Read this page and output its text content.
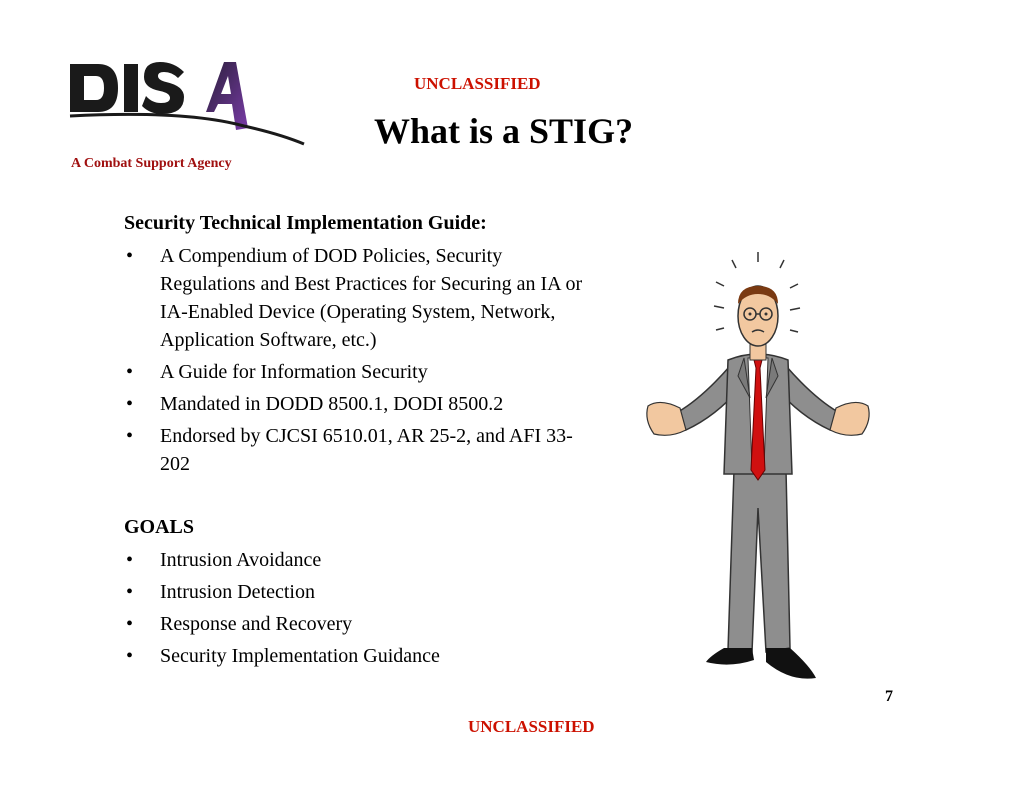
A Combat Support Agency
UNCLASSIFIED
What is a STIG?
Security Technical Implementation Guide:
• A Compendium of DOD Policies, Security Regulations and Best Practices for Securing an IA or IA-Enabled Device (Operating System, Network, Application Software, etc.)
• A Guide for Information Security
• Mandated in DODD 8500.1, DODI 8500.2
• Endorsed by CJCSI 6510.01, AR 25-2, and AFI 33-202
GOALS
• Intrusion Avoidance
• Intrusion Detection
• Response and Recovery
• Security Implementation Guidance
7
UNCLASSIFIED
